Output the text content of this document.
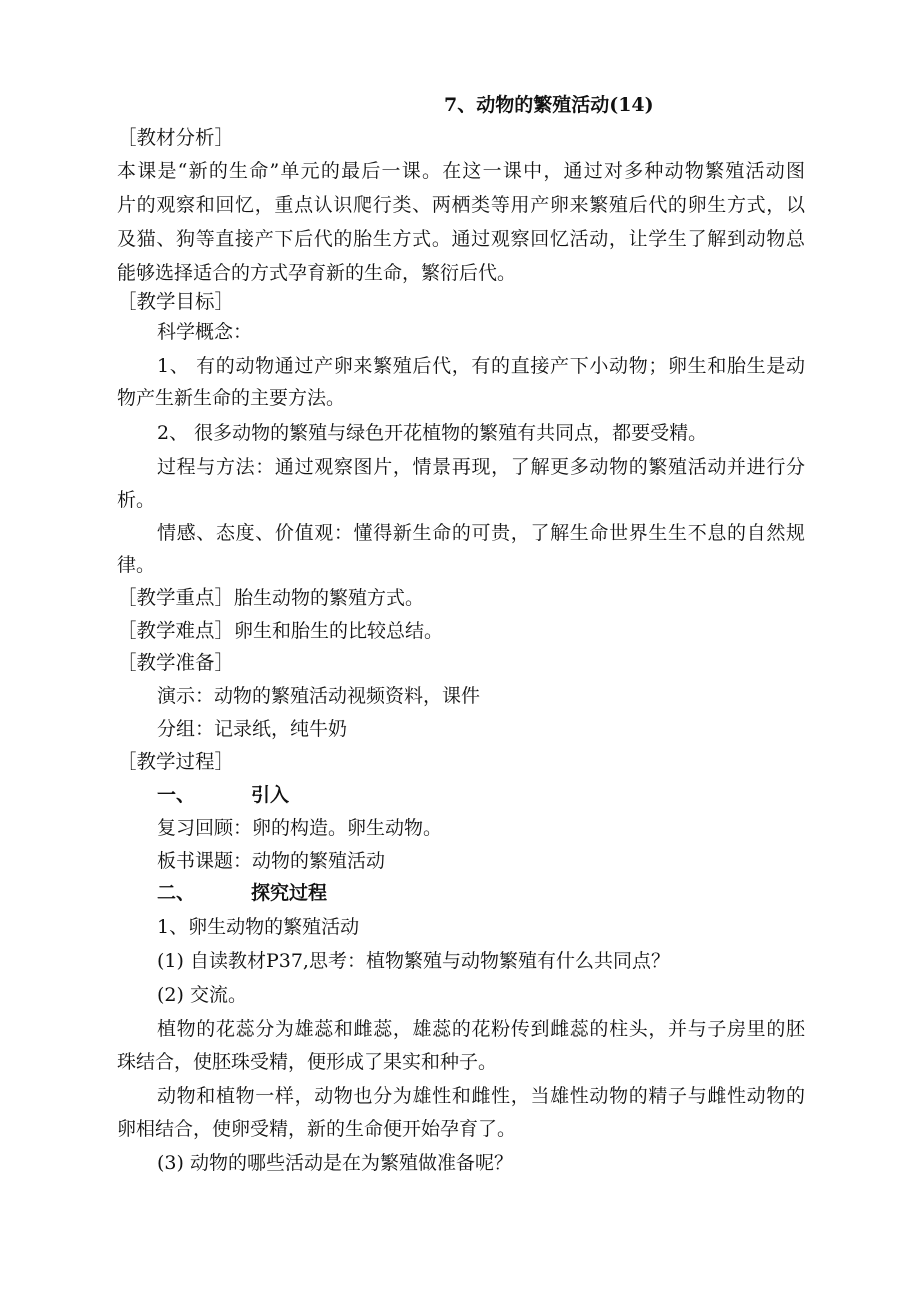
7、动物的繁殖活动(14)
［教材分析］
本课是“新的生命”单元的最后一课。在这一课中，通过对多种动物繁殖活动图
片的观察和回忆，重点认识爬行类、两栖类等用产卵来繁殖后代的卵生方式，以
及猫、狗等直接产下后代的胎生方式。通过观察回忆活动，让学生了解到动物总
能够选择适合的方式孕育新的生命，繁衍后代。
［教学目标］
科学概念：
1、 有的动物通过产卵来繁殖后代，有的直接产下小动物；卵生和胎生是动
物产生新生命的主要方法。
2、 很多动物的繁殖与绿色开花植物的繁殖有共同点，都要受精。
过程与方法：通过观察图片，情景再现，了解更多动物的繁殖活动并进行分
析。
情感、态度、价值观：懂得新生命的可贵，了解生命世界生生不息的自然规
律。
［教学重点］胎生动物的繁殖方式。
［教学难点］卵生和胎生的比较总结。
［教学准备］
演示：动物的繁殖活动视频资料，课件
分组：记录纸，纯牛奶
［教学过程］
一、	引入
复习回顾：卵的构造。卵生动物。
板书课题：动物的繁殖活动
二、	探究过程
1、卵生动物的繁殖活动
(1) 自读教材P37,思考：植物繁殖与动物繁殖有什么共同点？
(2) 交流。
植物的花蕊分为雄蕊和雌蕊，雄蕊的花粉传到雌蕊的柱头，并与子房里的胚
珠结合，使胚珠受精，便形成了果实和种子。
动物和植物一样，动物也分为雄性和雌性，当雄性动物的精子与雌性动物的
卵相结合，使卵受精，新的生命便开始孕育了。
(3) 动物的哪些活动是在为繁殖做准备呢？
